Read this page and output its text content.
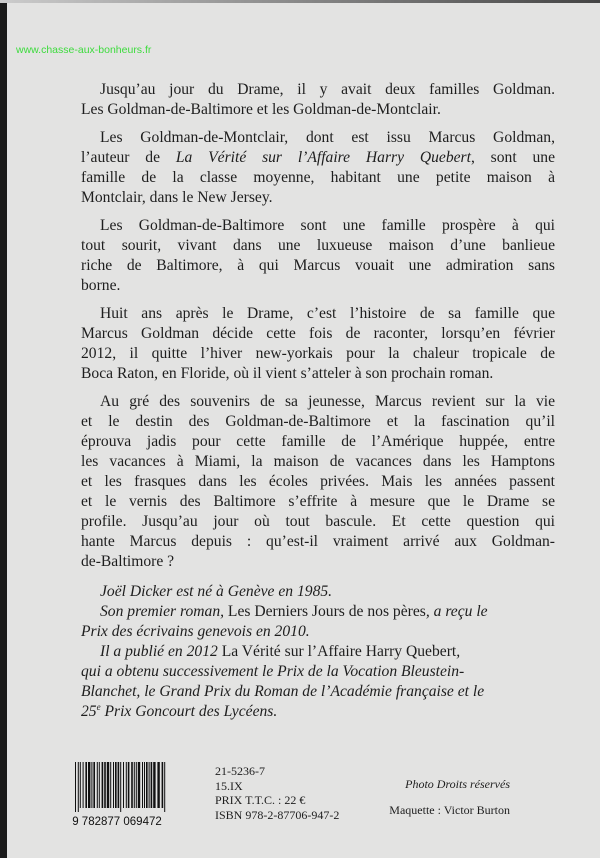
www.chasse-aux-bonheurs.fr
Jusqu’au jour du Drame, il y avait deux familles Goldman.
Les Goldman-de-Baltimore et les Goldman-de-Montclair.
Les Goldman-de-Montclair, dont est issu Marcus Goldman,
l’auteur de La Vérité sur l’Affaire Harry Quebert, sont une
famille de la classe moyenne, habitant une petite maison à
Montclair, dans le New Jersey.
Les Goldman-de-Baltimore sont une famille prospère à qui
tout sourit, vivant dans une luxueuse maison d’une banlieue
riche de Baltimore, à qui Marcus vouait une admiration sans
borne.
Huit ans après le Drame, c’est l’histoire de sa famille que
Marcus Goldman décide cette fois de raconter, lorsqu’en février
2012, il quitte l’hiver new-yorkais pour la chaleur tropicale de
Boca Raton, en Floride, où il vient s’atteler à son prochain roman.
Au gré des souvenirs de sa jeunesse, Marcus revient sur la vie
et le destin des Goldman-de-Baltimore et la fascination qu’il
éprouva jadis pour cette famille de l’Amérique huppée, entre
les vacances à Miami, la maison de vacances dans les Hamptons
et les frasques dans les écoles privées. Mais les années passent
et le vernis des Baltimore s’effrite à mesure que le Drame se
profile. Jusqu’au jour où tout bascule. Et cette question qui
hante Marcus depuis : qu’est-il vraiment arrivé aux Goldman-
de-Baltimore ?
Joël Dicker est né à Genève en 1985.
Son premier roman, Les Derniers Jours de nos pères, a reçu le
Prix des écrivains genevois en 2010.
Il a publié en 2012 La Vérité sur l’Affaire Harry Quebert,
qui a obtenu successivement le Prix de la Vocation Bleustein-
Blanchet, le Grand Prix du Roman de l’Académie française et le
25e Prix Goncourt des Lycéens.
9 782877 069472
21-5236-7
15.IX
PRIX T.T.C. : 22 €
ISBN 978-2-87706-947-2
Photo Droits réservés
Maquette : Victor Burton
